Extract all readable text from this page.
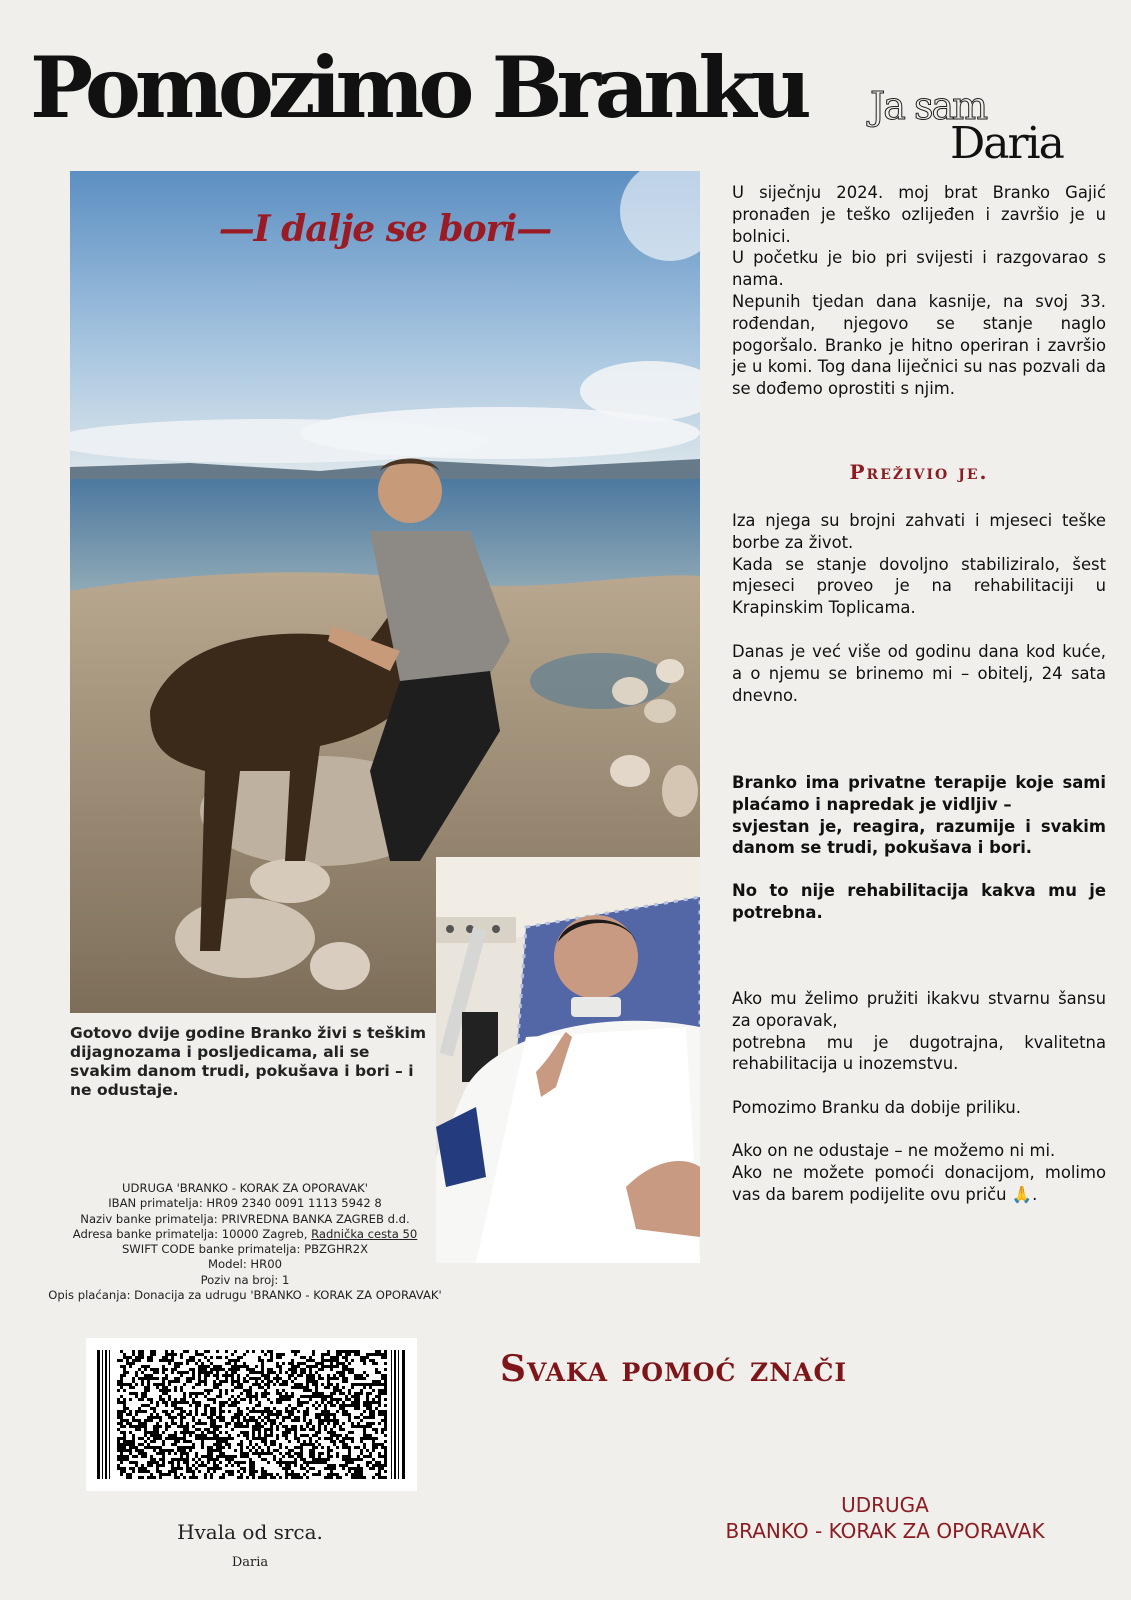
Pomozimo Branku Ja sam
Daria
—I dalje se bori—
Gotovo dvije godine Branko živi s teškim dijagnozama i posljedicama, ali se svakim danom trudi, pokušava i bori – i ne odustaje.
UDRUGA 'BRANKO - KORAK ZA OPORAVAK'
IBAN primatelja: HR09 2340 0091 1113 5942 8
Naziv banke primatelja: PRIVREDNA BANKA ZAGREB d.d.
Adresa banke primatelja: 10000 Zagreb, Radnička cesta 50
SWIFT CODE banke primatelja: PBZGHR2X
Model: HR00
Poziv na broj: 1
Opis plaćanja: Donacija za udrugu 'BRANKO - KORAK ZA OPORAVAK'
U siječnju 2024. moj brat Branko Gajić pronađen je teško ozlijeđen i završio je u bolnici.
U početku je bio pri svijesti i razgovarao s nama.
Nepunih tjedan dana kasnije, na svoj 33. rođendan, njegovo se stanje naglo pogoršalo. Branko je hitno operiran i završio je u komi. Tog dana liječnici su nas pozvali da se dođemo oprostiti s njim.
Preživio je.
Iza njega su brojni zahvati i mjeseci teške borbe za život.
Kada se stanje dovoljno stabiliziralo, šest mjeseci proveo je na rehabilitaciji u Krapinskim Toplicama.
Danas je već više od godinu dana kod kuće, a o njemu se brinemo mi – obitelj, 24 sata dnevno.
Branko ima privatne terapije koje sami plaćamo i napredak je vidljiv –
svjestan je, reagira, razumije i svakim danom se trudi, pokušava i bori.
No to nije rehabilitacija kakva mu je potrebna.
Ako mu želimo pružiti ikakvu stvarnu šansu za oporavak,
potrebna mu je dugotrajna, kvalitetna rehabilitacija u inozemstvu.
Pomozimo Branku da dobije priliku.
Ako on ne odustaje – ne možemo ni mi.
Ako ne možete pomoći donacijom, molimo vas da barem podijelite ovu priču 🙏.
Svaka pomoć znači
Hvala od srca.
Daria
UDRUGA
BRANKO - KORAK ZA OPORAVAK
